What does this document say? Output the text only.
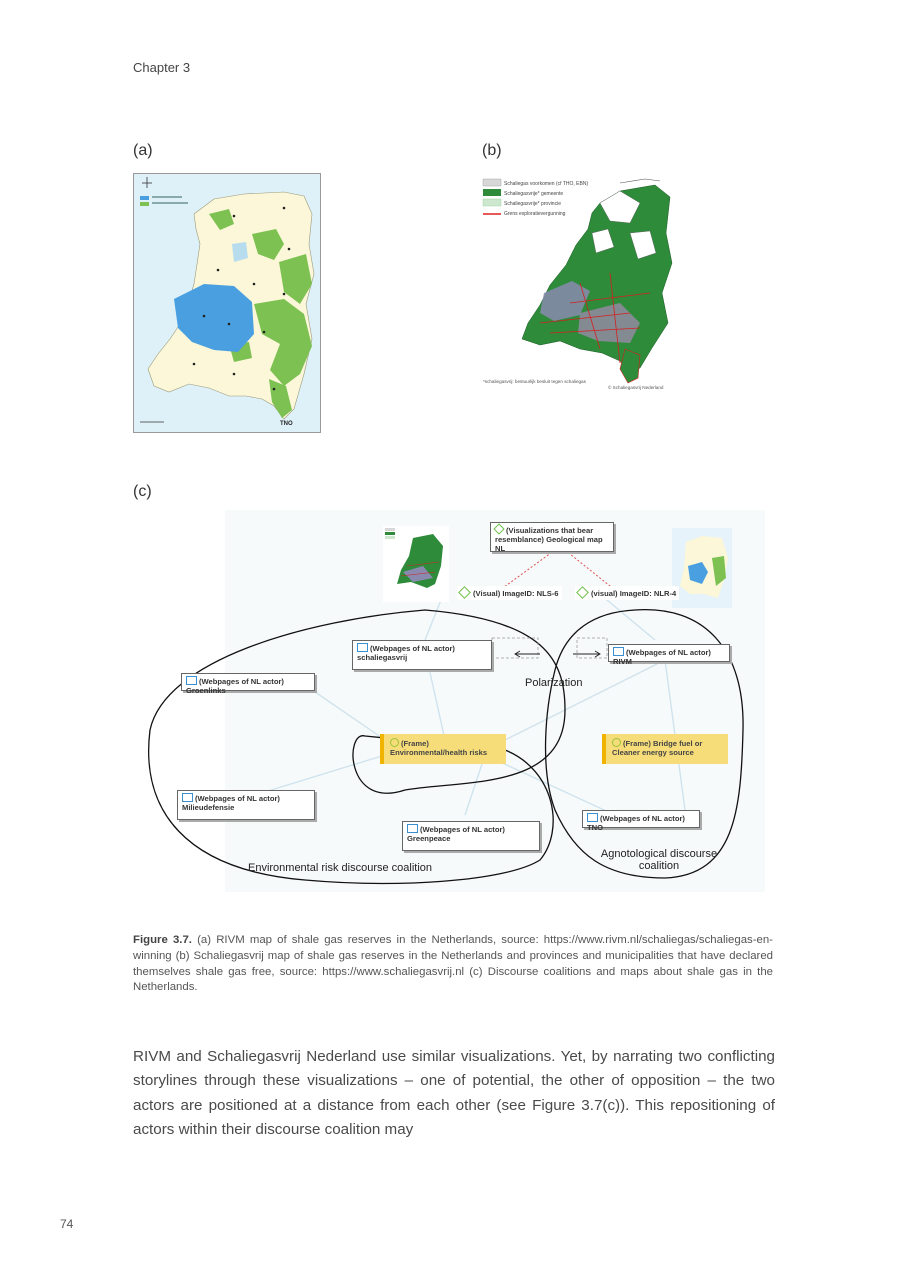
Chapter 3
(a)
TNO
(b)
Schaliegas voorkomen (cf THO, EBN)
Schaliegasvrije* gemeente
Schaliegasvrije* provincie
Grens exploratievergunning
*schaliegasvrij: bestuurlijk besluit tegen schaliegas
© Schaliegasvrij Nederland
(c)
(Visualizations that bear resemblance) Geological map NL
(Visual) ImageID: NLS-6	(visual) ImageID: NLR-4
(Webpages of NL actor) schaliegasvrij
(Webpages of NL actor) RIVM
(Webpages of NL actor) Groenlinks
Polarization
(Frame) Environmental/health risks
(Frame) Bridge fuel or Cleaner energy source
(Webpages of NL actor) Milieudefensie
(Webpages of NL actor) Greenpeace
(Webpages of NL actor) TNO
Environmental risk discourse coalition
Agnotological discourse coalition
Figure 3.7. (a) RIVM map of shale gas reserves in the Netherlands, source: https://www.rivm.nl/schaliegas/schaliegas-en-winning (b) Schaliegasvrij map of shale gas reserves in the Netherlands and provinces and municipalities that have declared themselves shale gas free, source: https://www.schaliegasvrij.nl (c) Discourse coalitions and maps about shale gas in the Netherlands.
RIVM and Schaliegasvrij Nederland use similar visualizations. Yet, by narrating two conflicting storylines through these visualizations – one of potential, the other of opposition – the two actors are positioned at a distance from each other (see Figure 3.7(c)). This repositioning of actors within their discourse coalition may
74
